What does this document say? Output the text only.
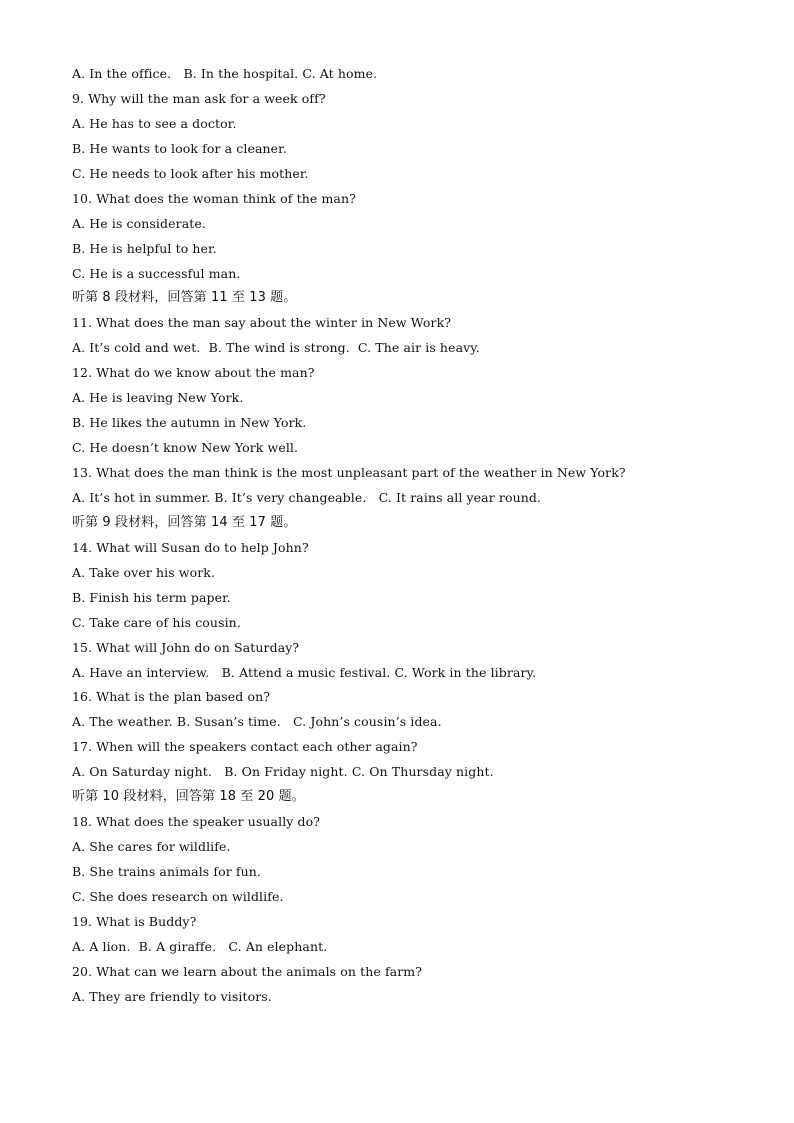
A. In the office.   B. In the hospital. C. At home.
9. Why will the man ask for a week off?
A. He has to see a doctor.
B. He wants to look for a cleaner.
C. He needs to look after his mother.
10. What does the woman think of the man?
A. He is considerate.
B. He is helpful to her.
C. He is a successful man.
听第 8 段材料，回答第 11 至 13 题。
11. What does the man say about the winter in New Work?
A. It’s cold and wet.  B. The wind is strong.  C. The air is heavy.
12. What do we know about the man?
A. He is leaving New York.
B. He likes the autumn in New York.
C. He doesn’t know New York well.
13. What does the man think is the most unpleasant part of the weather in New York?
A. It’s hot in summer. B. It’s very changeable.   C. It rains all year round.
听第 9 段材料，回答第 14 至 17 题。
14. What will Susan do to help John?
A. Take over his work.
B. Finish his term paper.
C. Take care of his cousin.
15. What will John do on Saturday?
A. Have an interview.   B. Attend a music festival. C. Work in the library.
16. What is the plan based on?
A. The weather. B. Susan’s time.   C. John’s cousin’s idea.
17. When will the speakers contact each other again?
A. On Saturday night.   B. On Friday night. C. On Thursday night.
听第 10 段材料，回答第 18 至 20 题。
18. What does the speaker usually do?
A. She cares for wildlife.
B. She trains animals for fun.
C. She does research on wildlife.
19. What is Buddy?
A. A lion.  B. A giraffe.   C. An elephant.
20. What can we learn about the animals on the farm?
A. They are friendly to visitors.
